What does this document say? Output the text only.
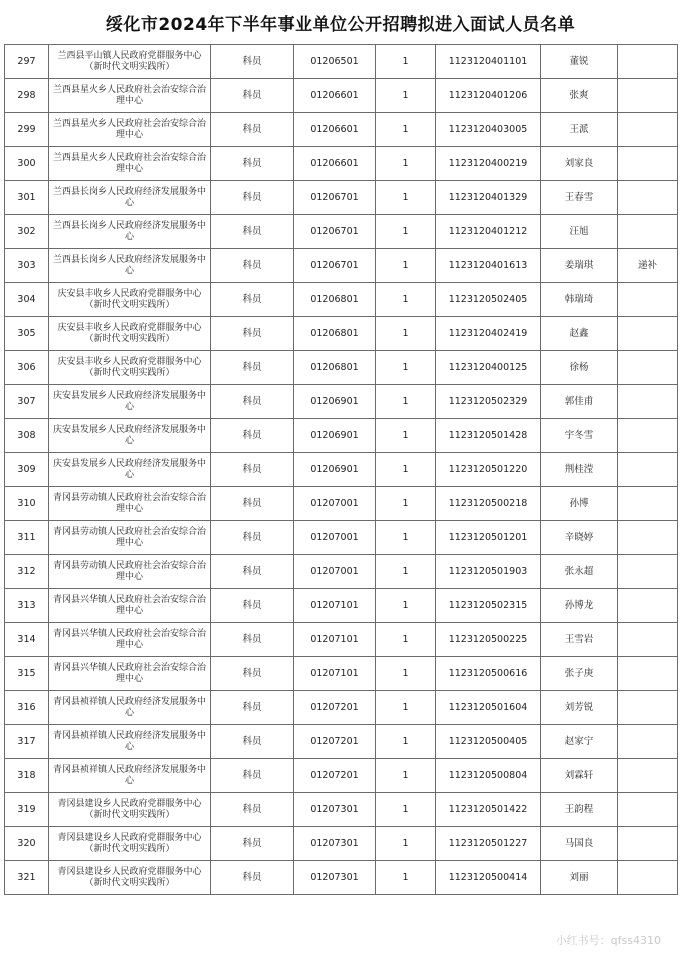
绥化市2024年下半年事业单位公开招聘拟进入面试人员名单
297	兰西县平山镇人民政府党群服务中心（新时代文明实践所）	科员	01206501	1	1123120401101	董锐	
298	兰西县星火乡人民政府社会治安综合治理中心	科员	01206601	1	1123120401206	张爽	
299	兰西县星火乡人民政府社会治安综合治理中心	科员	01206601	1	1123120403005	王派	
300	兰西县星火乡人民政府社会治安综合治理中心	科员	01206601	1	1123120400219	刘家良	
301	兰西县长岗乡人民政府经济发展服务中心	科员	01206701	1	1123120401329	王春雪	
302	兰西县长岗乡人民政府经济发展服务中心	科员	01206701	1	1123120401212	汪旭	
303	兰西县长岗乡人民政府经济发展服务中心	科员	01206701	1	1123120401613	姜瑞琪	递补
304	庆安县丰收乡人民政府党群服务中心（新时代文明实践所）	科员	01206801	1	1123120502405	韩瑞琦	
305	庆安县丰收乡人民政府党群服务中心（新时代文明实践所）	科员	01206801	1	1123120402419	赵鑫	
306	庆安县丰收乡人民政府党群服务中心（新时代文明实践所）	科员	01206801	1	1123120400125	徐杨	
307	庆安县发展乡人民政府经济发展服务中心	科员	01206901	1	1123120502329	郭佳甫	
308	庆安县发展乡人民政府经济发展服务中心	科员	01206901	1	1123120501428	宇冬雪	
309	庆安县发展乡人民政府经济发展服务中心	科员	01206901	1	1123120501220	荆桂滢	
310	青冈县劳动镇人民政府社会治安综合治理中心	科员	01207001	1	1123120500218	孙博	
311	青冈县劳动镇人民政府社会治安综合治理中心	科员	01207001	1	1123120501201	辛晓婷	
312	青冈县劳动镇人民政府社会治安综合治理中心	科员	01207001	1	1123120501903	张永超	
313	青冈县兴华镇人民政府社会治安综合治理中心	科员	01207101	1	1123120502315	孙博龙	
314	青冈县兴华镇人民政府社会治安综合治理中心	科员	01207101	1	1123120500225	王雪岩	
315	青冈县兴华镇人民政府社会治安综合治理中心	科员	01207101	1	1123120500616	张子庚	
316	青冈县祯祥镇人民政府经济发展服务中心	科员	01207201	1	1123120501604	刘芳锐	
317	青冈县祯祥镇人民政府经济发展服务中心	科员	01207201	1	1123120500405	赵家宁	
318	青冈县祯祥镇人民政府经济发展服务中心	科员	01207201	1	1123120500804	刘霖轩	
319	青冈县建设乡人民政府党群服务中心（新时代文明实践所）	科员	01207301	1	1123120501422	王韵程	
320	青冈县建设乡人民政府党群服务中心（新时代文明实践所）	科员	01207301	1	1123120501227	马国良	
321	青冈县建设乡人民政府党群服务中心（新时代文明实践所）	科员	01207301	1	1123120500414	刘丽	
小红书号：qfss4310
